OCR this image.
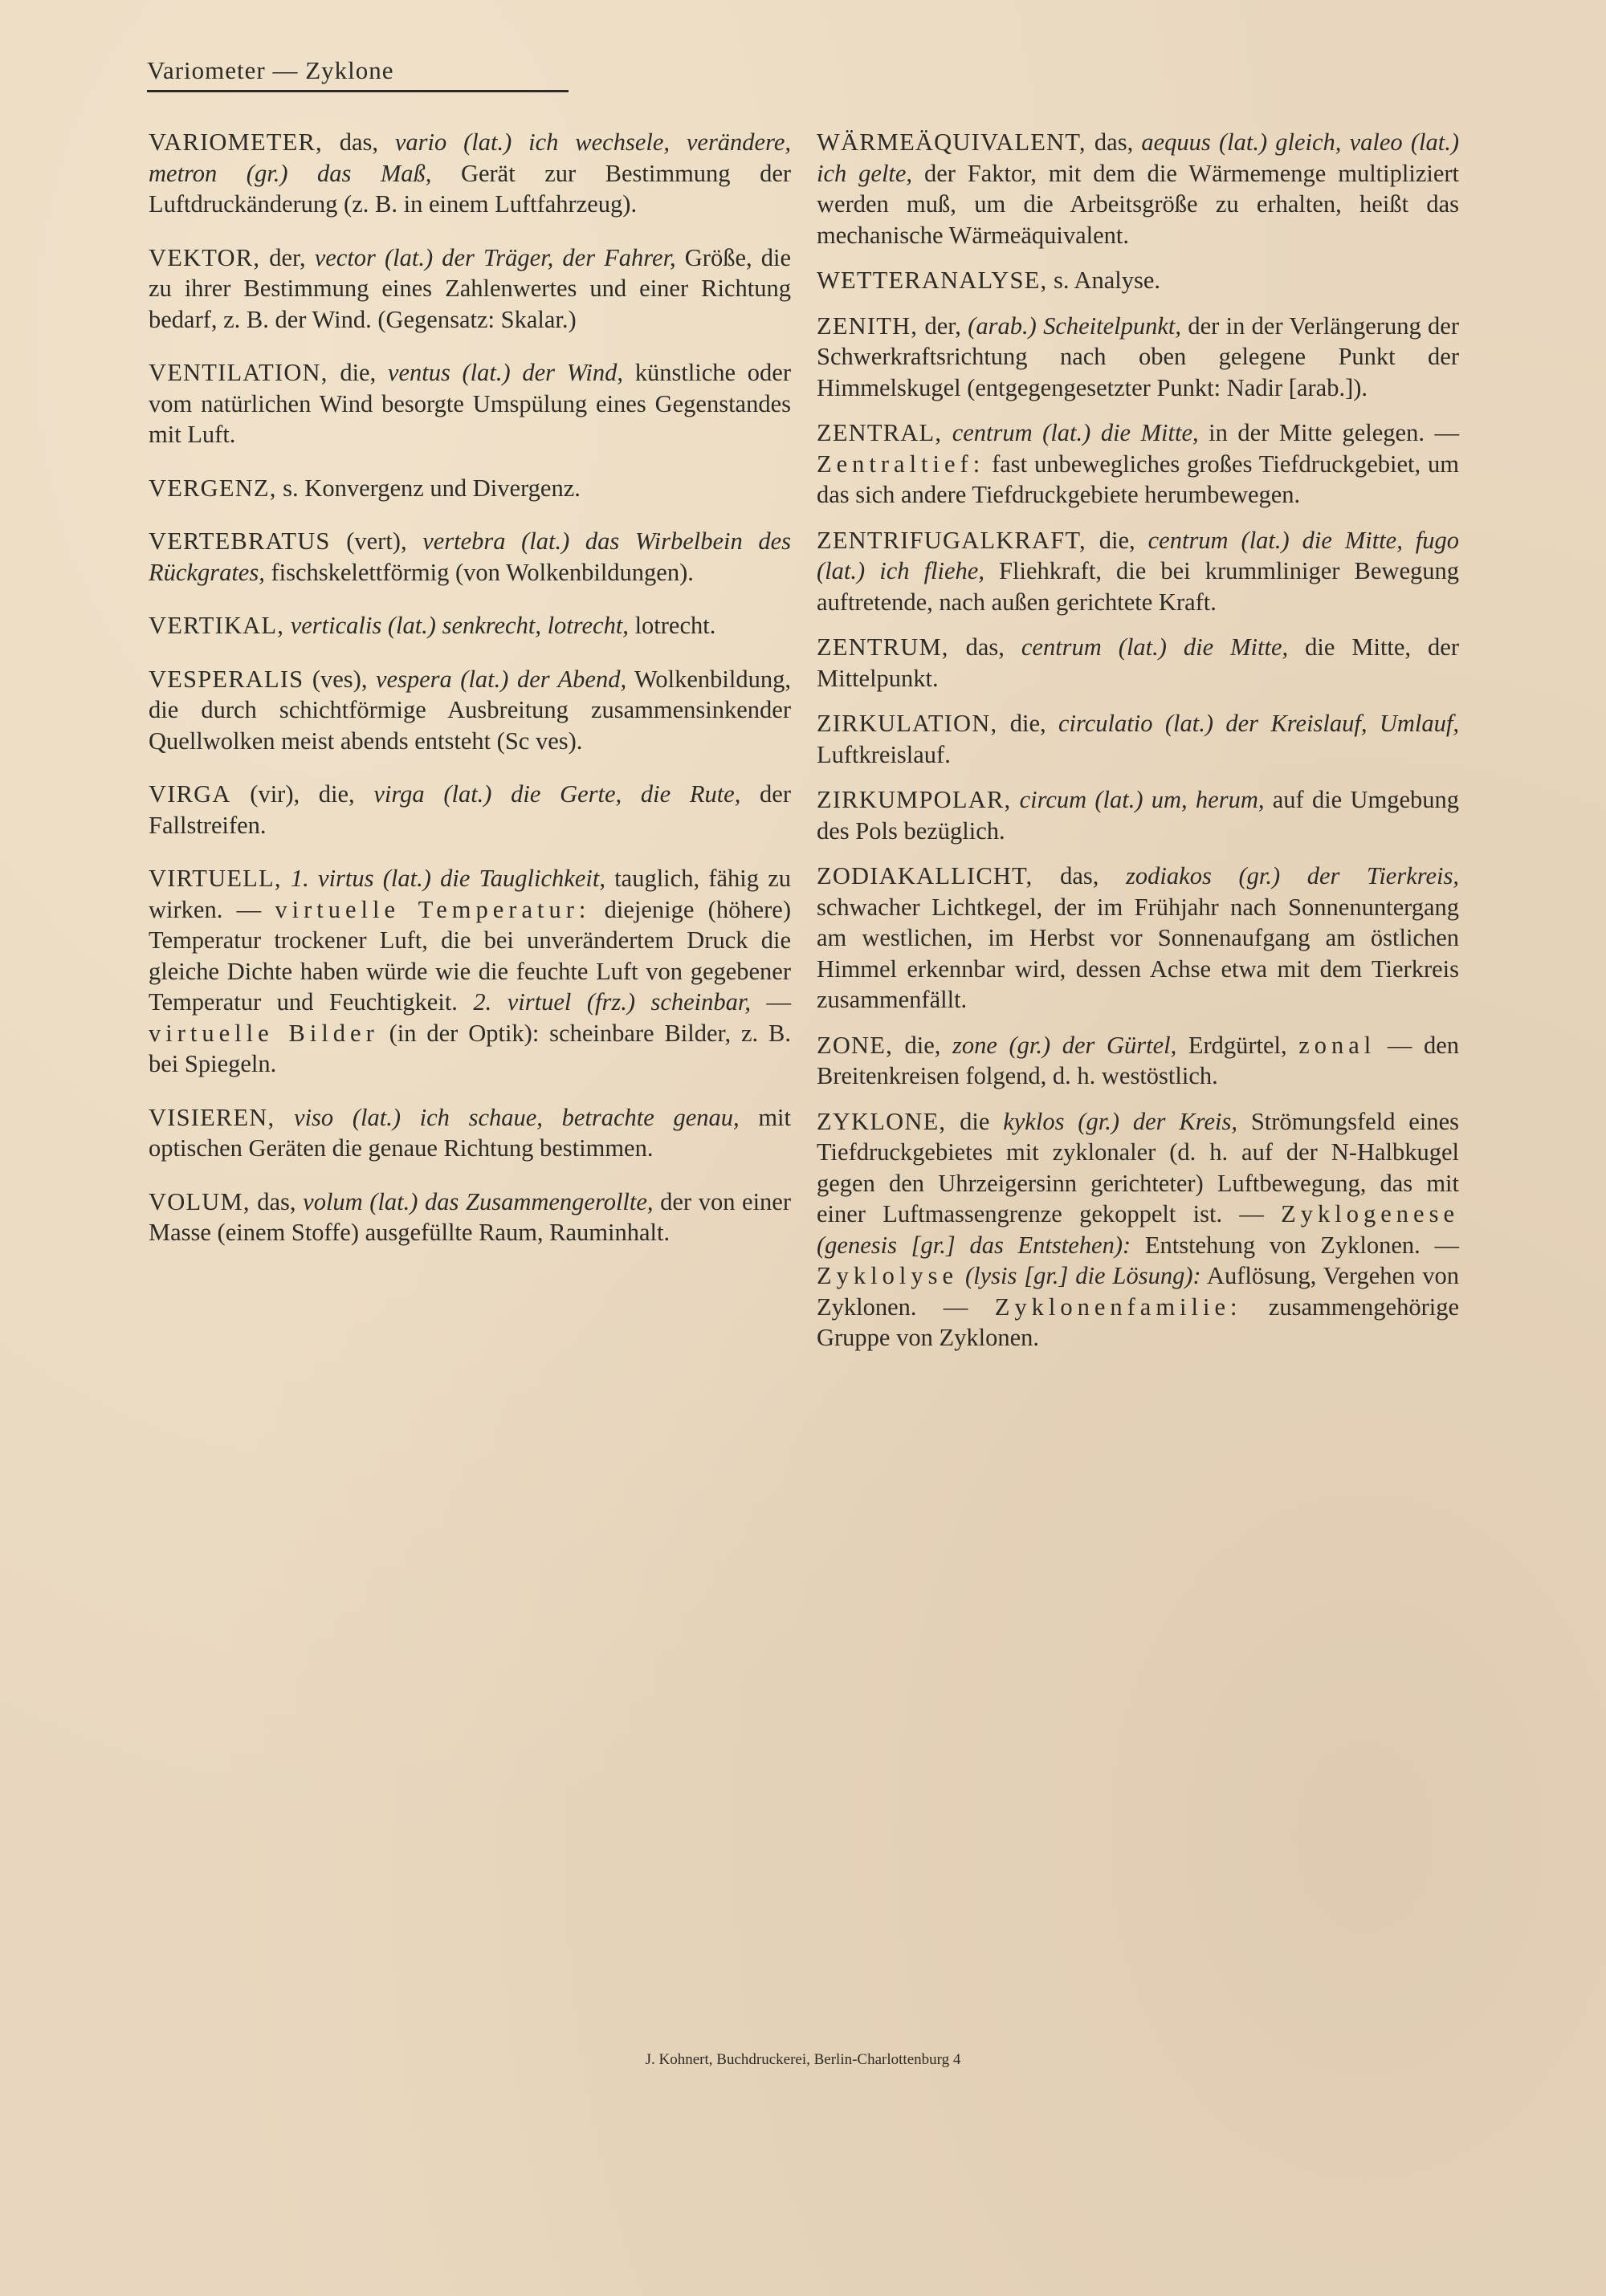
Variometer — Zyklone

VARIOMETER, das, vario (lat.) ich wechsele, verändere, metron (gr.) das Maß, Gerät zur Bestimmung der Luftdruckänderung (z. B. in einem Luftfahrzeug).

VEKTOR, der, vector (lat.) der Träger, der Fahrer, Größe, die zu ihrer Bestimmung eines Zahlenwertes und einer Richtung bedarf, z. B. der Wind. (Gegensatz: Skalar.)

VENTILATION, die, ventus (lat.) der Wind, künstliche oder vom natürlichen Wind besorgte Umspülung eines Gegenstandes mit Luft.

VERGENZ, s. Konvergenz und Divergenz.

VERTEBRATUS (vert), vertebra (lat.) das Wirbelbein des Rückgrates, fischskelettförmig (von Wolkenbildungen).

VERTIKAL, verticalis (lat.) senkrecht, lotrecht, lotrecht.

VESPERALIS (ves), vespera (lat.) der Abend, Wolkenbildung, die durch schichtförmige Ausbreitung zusammensinkender Quellwolken meist abends entsteht (Sc ves).

VIRGA (vir), die, virga (lat.) die Gerte, die Rute, der Fallstreifen.

VIRTUELL, 1. virtus (lat.) die Tauglichkeit, tauglich, fähig zu wirken. — virtuelle Temperatur: diejenige (höhere) Temperatur trockener Luft, die bei unverändertem Druck die gleiche Dichte haben würde wie die feuchte Luft von gegebener Temperatur und Feuchtigkeit. 2. virtuel (frz.) scheinbar, — virtuelle Bilder (in der Optik): scheinbare Bilder, z. B. bei Spiegeln.

VISIEREN, viso (lat.) ich schaue, betrachte genau, mit optischen Geräten die genaue Richtung bestimmen.

VOLUM, das, volum (lat.) das Zusammengerollte, der von einer Masse (einem Stoffe) ausgefüllte Raum, Rauminhalt.

WÄRMEÄQUIVALENT, das, aequus (lat.) gleich, valeo (lat.) ich gelte, der Faktor, mit dem die Wärmemenge multipliziert werden muß, um die Arbeitsgröße zu erhalten, heißt das mechanische Wärmeäquivalent.

WETTERANALYSE, s. Analyse.

ZENITH, der, (arab.) Scheitelpunkt, der in der Verlängerung der Schwerkraftsrichtung nach oben gelegene Punkt der Himmelskugel (entgegengesetzter Punkt: Nadir [arab.]).

ZENTRAL, centrum (lat.) die Mitte, in der Mitte gelegen. — Zentraltief: fast unbewegliches großes Tiefdruckgebiet, um das sich andere Tiefdruckgebiete herumbewegen.

ZENTRIFUGALKRAFT, die, centrum (lat.) die Mitte, fugo (lat.) ich fliehe, Fliehkraft, die bei krummliniger Bewegung auftretende, nach außen gerichtete Kraft.

ZENTRUM, das, centrum (lat.) die Mitte, die Mitte, der Mittelpunkt.

ZIRKULATION, die, circulatio (lat.) der Kreislauf, Umlauf, Luftkreislauf.

ZIRKUMPOLAR, circum (lat.) um, herum, auf die Umgebung des Pols bezüglich.

ZODIAKALLICHT, das, zodiakos (gr.) der Tierkreis, schwacher Lichtkegel, der im Frühjahr nach Sonnenuntergang am westlichen, im Herbst vor Sonnenaufgang am östlichen Himmel erkennbar wird, dessen Achse etwa mit dem Tierkreis zusammenfällt.

ZONE, die, zone (gr.) der Gürtel, Erdgürtel, zonal — den Breitenkreisen folgend, d. h. westöstlich.

ZYKLONE, die kyklos (gr.) der Kreis, Strömungsfeld eines Tiefdruckgebietes mit zyklonaler (d. h. auf der N-Halbkugel gegen den Uhrzeigersinn gerichteter) Luftbewegung, das mit einer Luftmassengrenze gekoppelt ist. — Zyklogenese (genesis [gr.] das Entstehen): Entstehung von Zyklonen. — Zyklolyse (lysis [gr.] die Lösung): Auflösung, Vergehen von Zyklonen. — Zyklonenfamilie: zusammengehörige Gruppe von Zyklonen.

J. Kohnert, Buchdruckerei, Berlin-Charlottenburg 4
